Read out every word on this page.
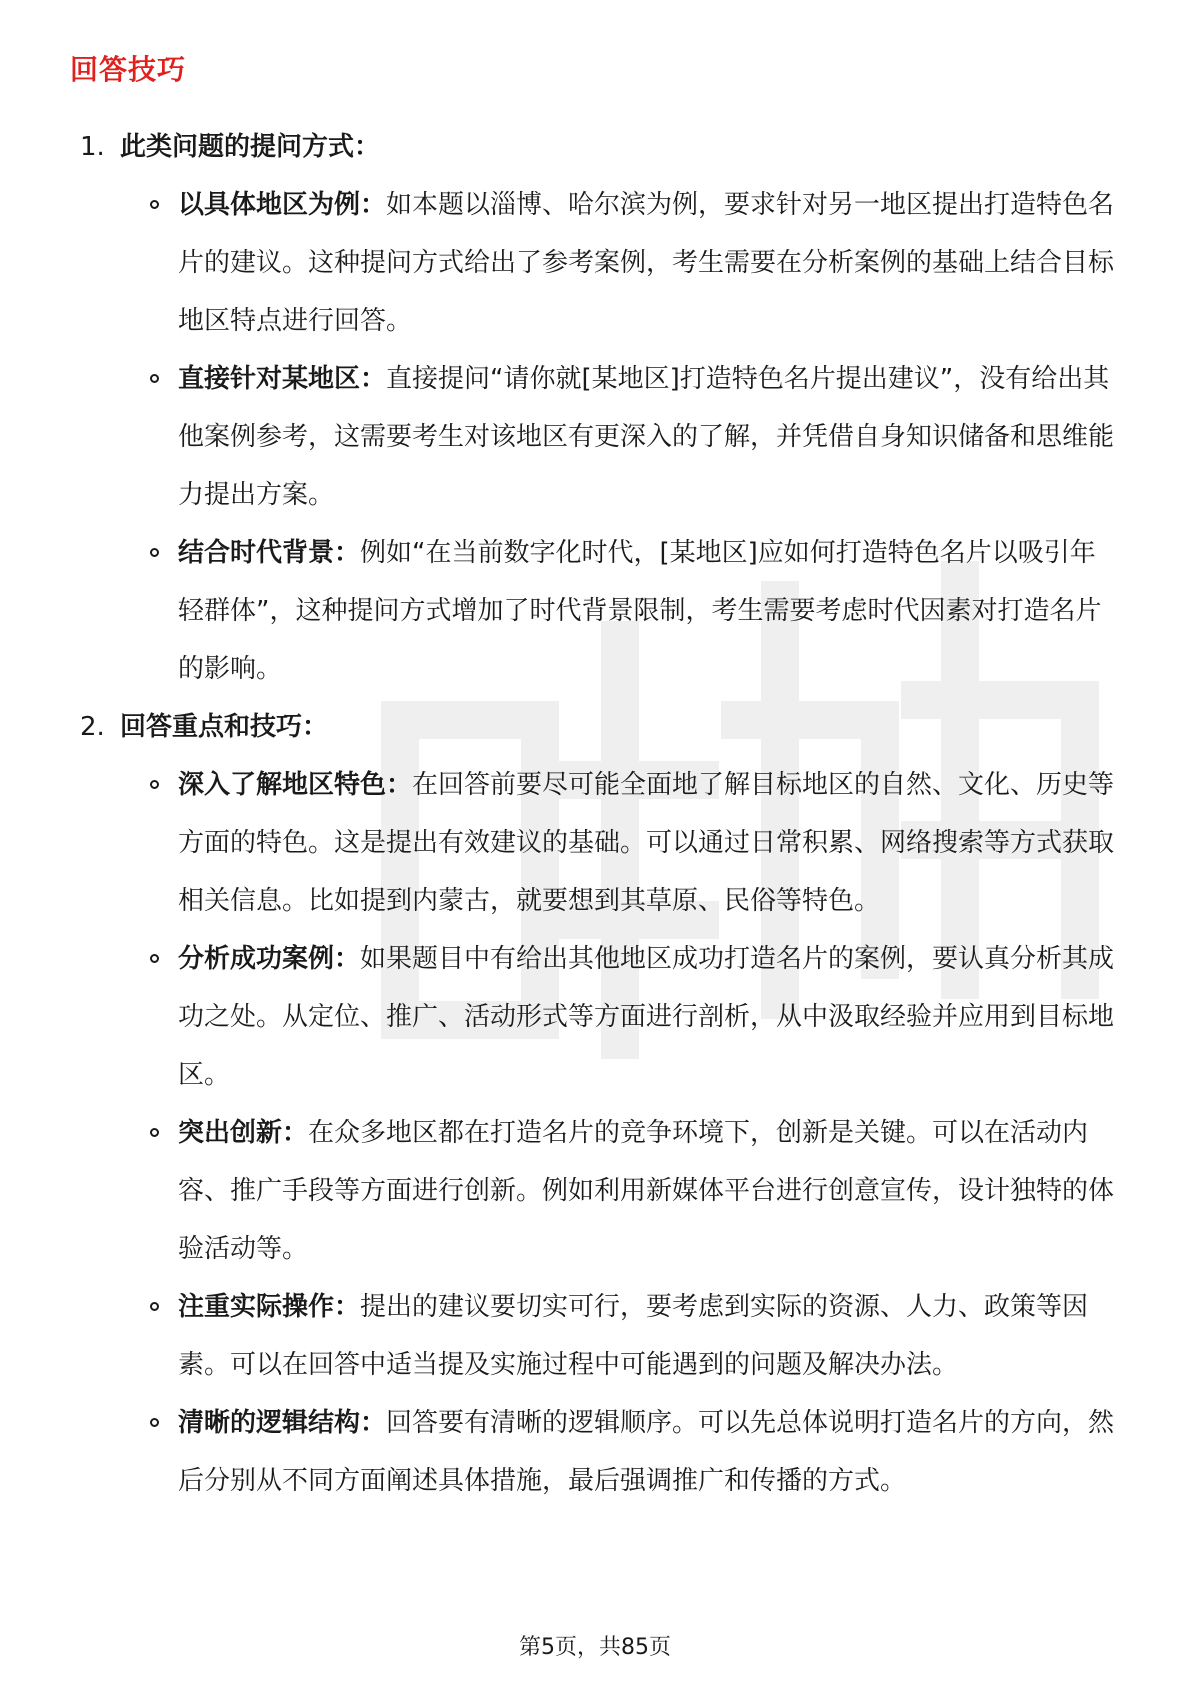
回答技巧
1. 此类问题的提问方式：
以具体地区为例：如本题以淄博、哈尔滨为例，要求针对另一地区提出打造特色名片的建议。这种提问方式给出了参考案例，考生需要在分析案例的基础上结合目标地区特点进行回答。
直接针对某地区：直接提问“请你就[某地区]打造特色名片提出建议”，没有给出其他案例参考，这需要考生对该地区有更深入的了解，并凭借自身知识储备和思维能力提出方案。
结合时代背景：例如“在当前数字化时代，[某地区]应如何打造特色名片以吸引年轻群体”，这种提问方式增加了时代背景限制，考生需要考虑时代因素对打造名片的影响。
2. 回答重点和技巧：
深入了解地区特色：在回答前要尽可能全面地了解目标地区的自然、文化、历史等方面的特色。这是提出有效建议的基础。可以通过日常积累、网络搜索等方式获取相关信息。比如提到内蒙古，就要想到其草原、民俗等特色。
分析成功案例：如果题目中有给出其他地区成功打造名片的案例，要认真分析其成功之处。从定位、推广、活动形式等方面进行剖析，从中汲取经验并应用到目标地区。
突出创新：在众多地区都在打造名片的竞争环境下，创新是关键。可以在活动内容、推广手段等方面进行创新。例如利用新媒体平台进行创意宣传，设计独特的体验活动等。
注重实际操作：提出的建议要切实可行，要考虑到实际的资源、人力、政策等因素。可以在回答中适当提及实施过程中可能遇到的问题及解决办法。
清晰的逻辑结构：回答要有清晰的逻辑顺序。可以先总体说明打造名片的方向，然后分别从不同方面阐述具体措施，最后强调推广和传播的方式。
第5页，共85页
